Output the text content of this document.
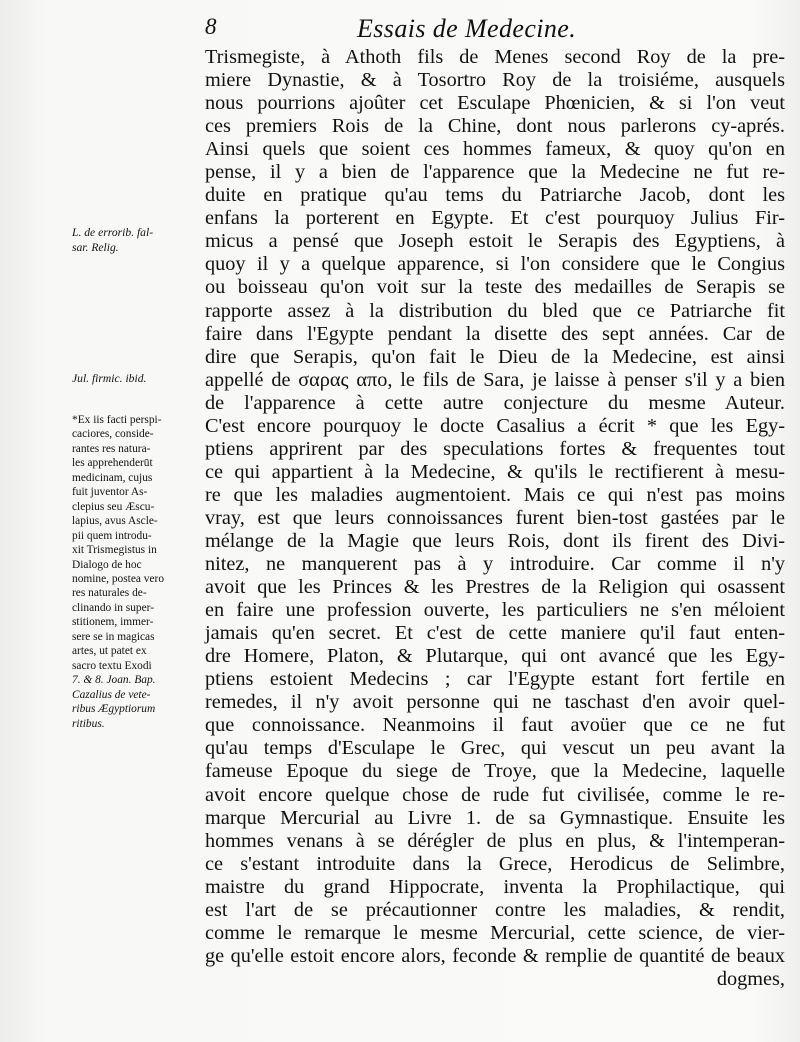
8	Essais de Medecine.
Trismegiste, à Athoth fils de Menes second Roy de la pre-
miere Dynastie, & à Tosortro Roy de la troisiéme, ausquels
nous pourrions ajoûter cet Esculape Phœnicien, & si l'on veut
ces premiers Rois de la Chine, dont nous parlerons cy-aprés.
Ainsi quels que soient ces hommes fameux, & quoy qu'on en
pense, il y a bien de l'apparence que la Medecine ne fut re-
duite en pratique qu'au tems du Patriarche Jacob, dont les
enfans la porterent en Egypte. Et c'est pourquoy Julius Fir-
micus a pensé que Joseph estoit le Serapis des Egyptiens, à
quoy il y a quelque apparence, si l'on considere que le Congius
ou boisseau qu'on voit sur la teste des medailles de Serapis se
rapporte assez à la distribution du bled que ce Patriarche fit
faire dans l'Egypte pendant la disette des sept années. Car de
dire que Serapis, qu'on fait le Dieu de la Medecine, est ainsi
appellé de σαρας απο, le fils de Sara, je laisse à penser s'il y a bien
de l'apparence à cette autre conjecture du mesme Auteur.
C'est encore pourquoy le docte Casalius a écrit * que les Egy-
ptiens apprirent par des speculations fortes & frequentes tout
ce qui appartient à la Medecine, & qu'ils le rectifierent à mesu-
re que les maladies augmentoient. Mais ce qui n'est pas moins
vray, est que leurs connoissances furent bien-tost gastées par le
mélange de la Magie que leurs Rois, dont ils firent des Divi-
nitez, ne manquerent pas à y introduire. Car comme il n'y
avoit que les Princes & les Prestres de la Religion qui osassent
en faire une profession ouverte, les particuliers ne s'en méloient
jamais qu'en secret. Et c'est de cette maniere qu'il faut enten-
dre Homere, Platon, & Plutarque, qui ont avancé que les Egy-
ptiens estoient Medecins ; car l'Egypte estant fort fertile en
remedes, il n'y avoit personne qui ne taschast d'en avoir quel-
que connoissance. Neanmoins il faut avoüer que ce ne fut
qu'au temps d'Esculape le Grec, qui vescut un peu avant la
fameuse Epoque du siege de Troye, que la Medecine, laquelle
avoit encore quelque chose de rude fut civilisée, comme le re-
marque Mercurial au Livre 1. de sa Gymnastique. Ensuite les
hommes venans à se dérégler de plus en plus, & l'intemperan-
ce s'estant introduite dans la Grece, Herodicus de Selimbre,
maistre du grand Hippocrate, inventa la Prophilactique, qui
est l'art de se précautionner contre les maladies, & rendit,
comme le remarque le mesme Mercurial, cette science, de vier-
ge qu'elle estoit encore alors, feconde & remplie de quantité de beaux
dogmes,
L. de errorib. fal-
sar. Relig.
Jul. firmic. ibid.
*Ex iis facti perspi-
caciores, conside-
rantes res natura-
les apprehenderūt
medicinam, cujus
fuit juventor As-
clepius seu Æscu-
lapius, avus Ascle-
pii quem introdu-
xit Trismegistus in
Dialogo de hoc
nomine, postea vero
res naturales de-
clinando in super-
stitionem, immer-
sere se in magicas
artes, ut patet ex
sacro textu Exodi
7. & 8. Joan. Bap.
Cazalius de vete-
ribus Ægyptiorum
ritibus.
